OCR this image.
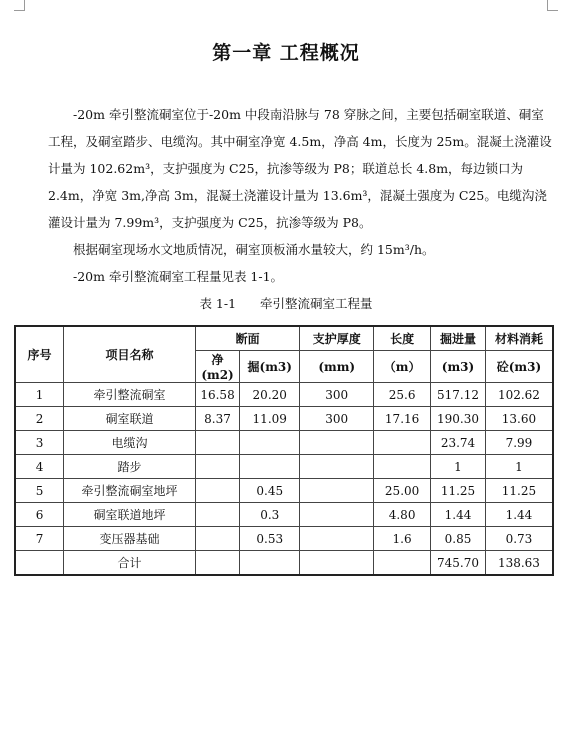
第一章 工程概况

-20m 牵引整流硐室位于-20m 中段南沿脉与 78 穿脉之间，主要包括硐室联道、硐室工程，及硐室踏步、电缆沟。其中硐室净宽 4.5m，净高 4m，长度为 25m。混凝土浇灌设计量为 102.62m³，支护强度为 C25，抗渗等级为 P8；联道总长 4.8m，每边锁口为 2.4m，净宽 3m,净高 3m，混凝土浇灌设计量为 13.6m³，混凝土强度为 C25。电缆沟浇灌设计量为 7.99m³，支护强度为 C25，抗渗等级为 P8。

根据硐室现场水文地质情况，硐室顶板涌水量较大，约 15m³/h。

-20m 牵引整流硐室工程量见表 1-1。

表 1-1 牵引整流硐室工程量
序号	项目名称	断面		支护厚度	长度	掘进量	材料消耗
		净(m2)	掘(m3)	(mm)	（m）	(m3)	砼(m3)
1	牵引整流硐室	16.58	20.20	300	25.6	517.12	102.62
2	硐室联道	8.37	11.09	300	17.16	190.30	13.60
3	电缆沟					23.74	7.99
4	踏步					1	1
5	牵引整流硐室地坪		0.45		25.00	11.25	11.25
6	硐室联道地坪		0.3		4.80	1.44	1.44
7	变压器基础		0.53		1.6	0.85	0.73
	合计					745.70	138.63
